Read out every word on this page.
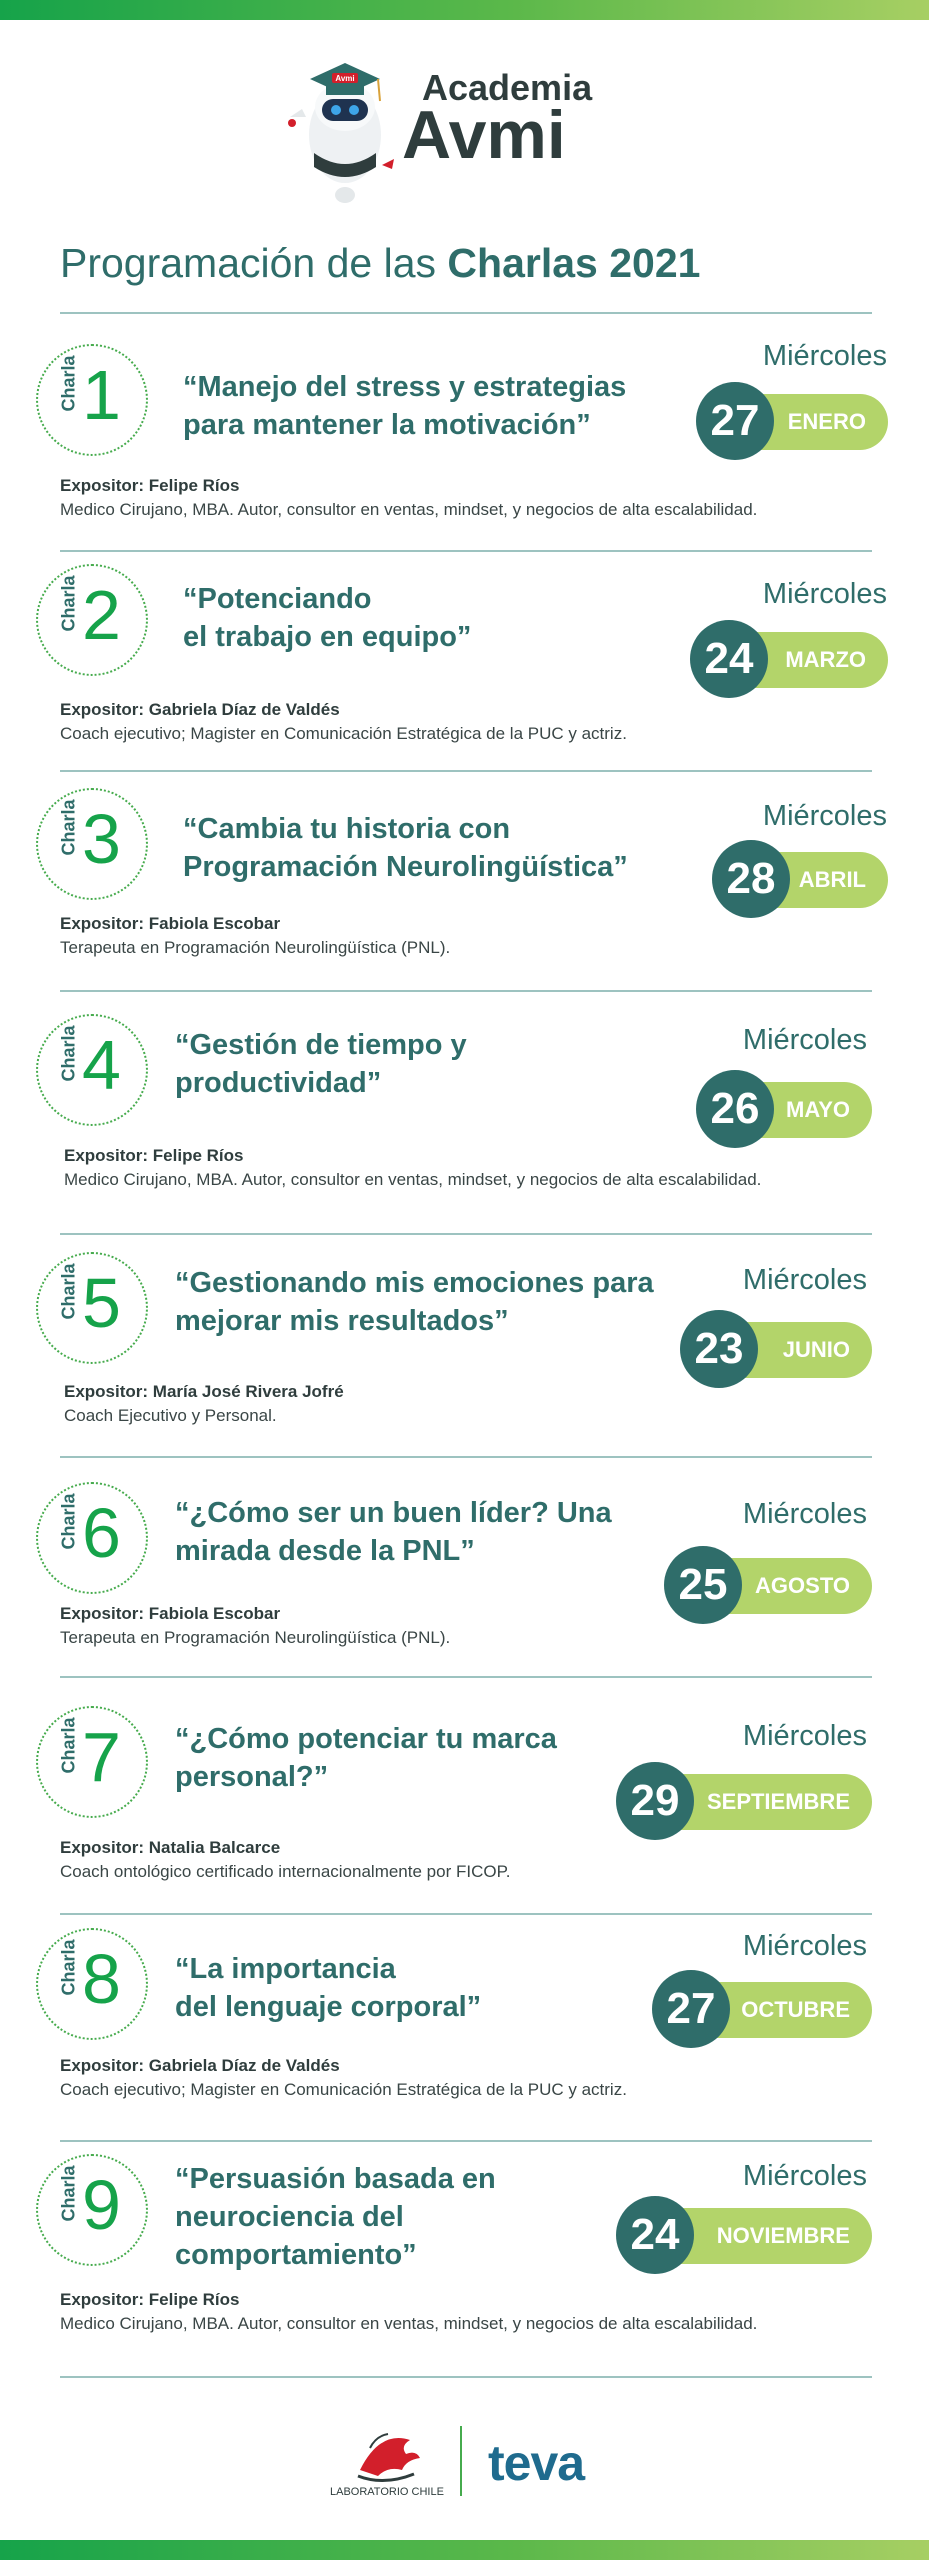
Avmi Academia
Avmi
Programación de las Charlas 2021
Charla 1 “Manejo del stress y estrategias
para mantener la motivación”
Miércoles
ENERO
27
Expositor: Felipe Ríos
Medico Cirujano, MBA. Autor, consultor en ventas, mindset, y negocios de alta escalabilidad.
Charla 2 “Potenciando
el trabajo en equipo”
Miércoles
MARZO
24
Expositor: Gabriela Díaz de Valdés
Coach ejecutivo; Magister en Comunicación Estratégica de la PUC y actriz.
Charla 3 “Cambia tu historia con
Programación Neurolingüística”
Miércoles
ABRIL
28
Expositor: Fabiola Escobar
Terapeuta en Programación Neurolingüística (PNL).
Charla 4 “Gestión de tiempo y
productividad”
Miércoles
MAYO
26
Expositor: Felipe Ríos
Medico Cirujano, MBA. Autor, consultor en ventas, mindset, y negocios de alta escalabilidad.
Charla 5 “Gestionando mis emociones para
mejorar mis resultados”
Miércoles
JUNIO
23
Expositor: María José Rivera Jofré
Coach Ejecutivo y Personal.
Charla 6 “¿Cómo ser un buen líder? Una
mirada desde la PNL”
Miércoles
AGOSTO
25
Expositor: Fabiola Escobar
Terapeuta en Programación Neurolingüística (PNL).
Charla 7 “¿Cómo potenciar tu marca
personal?”
Miércoles
SEPTIEMBRE
29
Expositor: Natalia Balcarce
Coach ontológico certificado internacionalmente por FICOP.
Charla 8 “La importancia
del lenguaje corporal”
Miércoles
OCTUBRE
27
Expositor: Gabriela Díaz de Valdés
Coach ejecutivo; Magister en Comunicación Estratégica de la PUC y actriz.
Charla 9 “Persuasión basada en
neurociencia del
comportamiento”
Miércoles
NOVIEMBRE
24
Expositor: Felipe Ríos
Medico Cirujano, MBA. Autor, consultor en ventas, mindset, y negocios de alta escalabilidad.
LABORATORIO CHILE
teva
